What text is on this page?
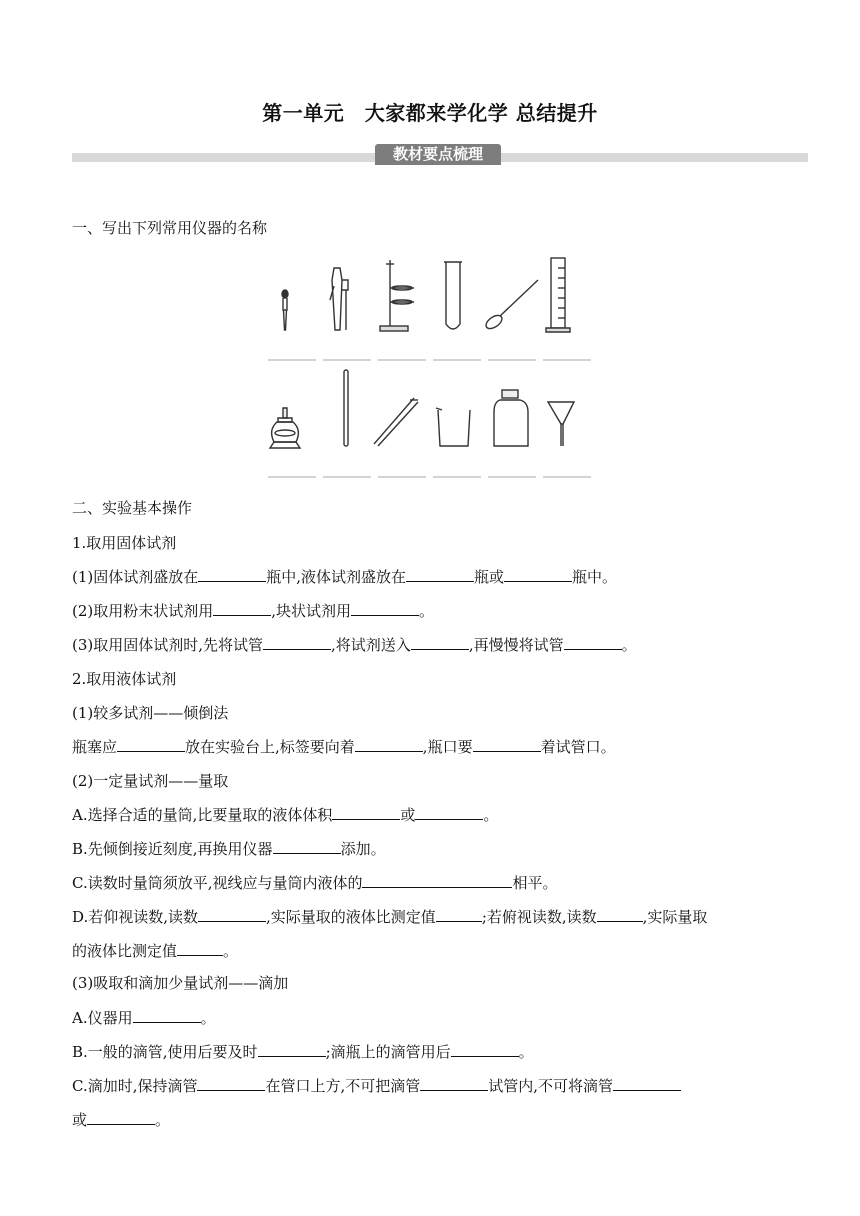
第一单元　大家都来学化学 总结提升
教材要点梳理
一、写出下列常用仪器的名称
二、实验基本操作
1.取用固体试剂
(1)固体试剂盛放在	瓶中,液体试剂盛放在	瓶或	瓶中。
(2)取用粉末状试剂用	,块状试剂用	。
(3)取用固体试剂时,先将试管	,将试剂送入	,再慢慢将试管	。
2.取用液体试剂
(1)较多试剂——倾倒法
瓶塞应	放在实验台上,标签要向着	,瓶口要	着试管口。
(2)一定量试剂——量取
A.选择合适的量筒,比要量取的液体体积	或	。
B.先倾倒接近刻度,再换用仪器	添加。
C.读数时量筒须放平,视线应与量筒内液体的	相平。
D.若仰视读数,读数	,实际量取的液体比测定值	;若俯视读数,读数	,实际量取
的液体比测定值	。
(3)吸取和滴加少量试剂——滴加
A.仪器用	。
B.一般的滴管,使用后要及时	;滴瓶上的滴管用后	。
C.滴加时,保持滴管	在管口上方,不可把滴管	试管内,不可将滴管
或	。
